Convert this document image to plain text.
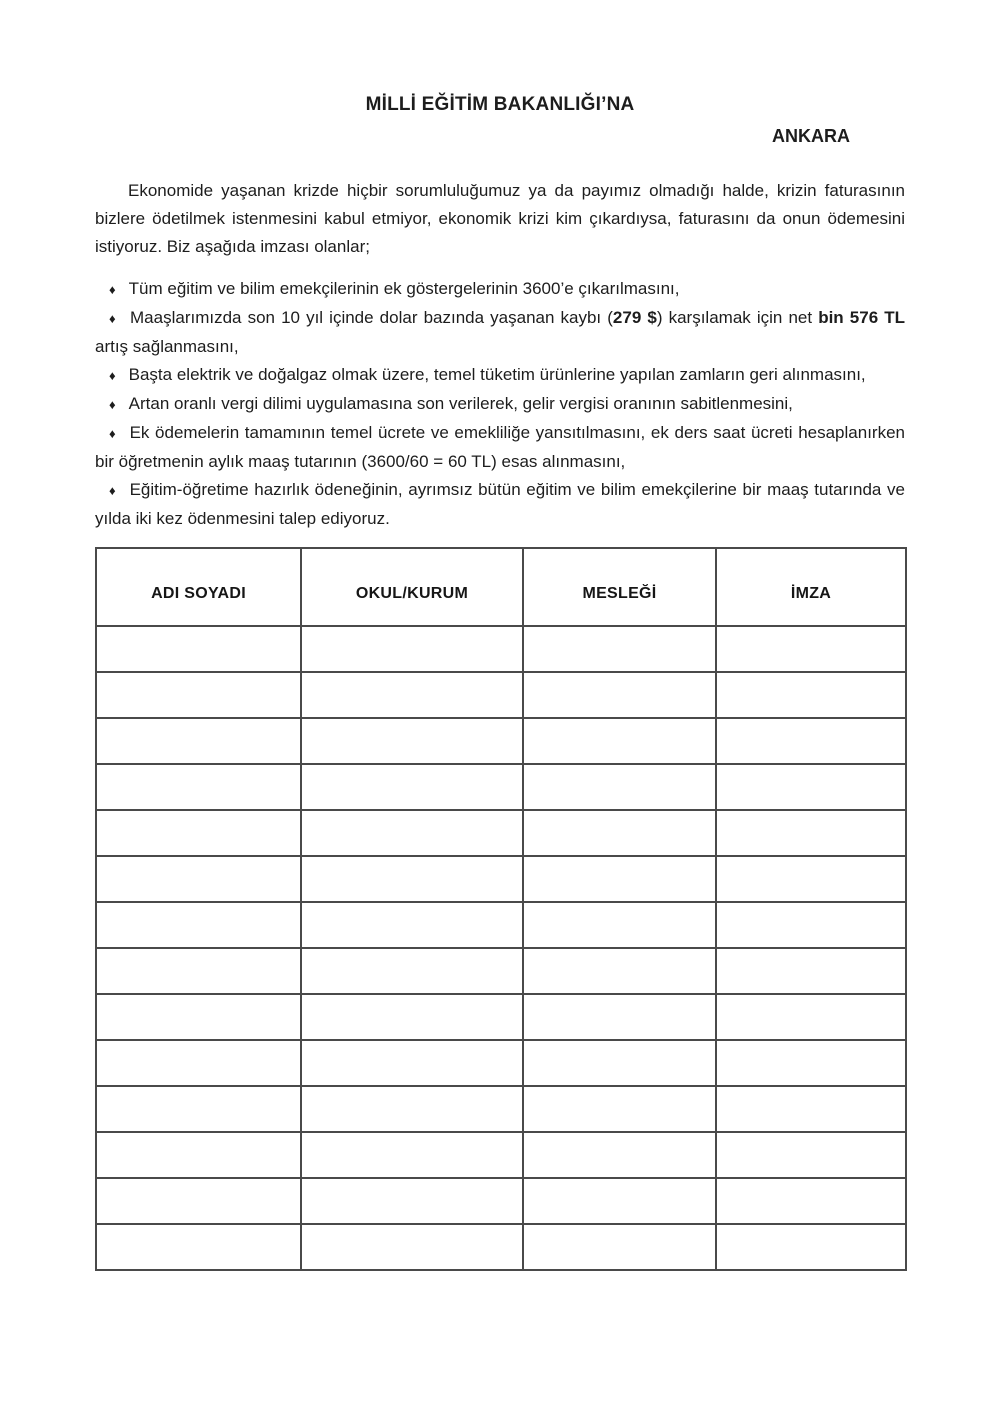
MİLLİ EĞİTİM BAKANLIĞI’NA
ANKARA

Ekonomide yaşanan krizde hiçbir sorumluluğumuz ya da payımız olmadığı halde, krizin faturasının bizlere ödetilmek istenmesini kabul etmiyor, ekonomik krizi kim çıkardıysa, faturasını da onun ödemesini istiyoruz. Biz aşağıda imzası olanlar;

♦ Tüm eğitim ve bilim emekçilerinin ek göstergelerinin 3600’e çıkarılmasını,

♦ Maaşlarımızda son 10 yıl içinde dolar bazında yaşanan kaybı (279 $) karşılamak için net bin 576 TL artış sağlanmasını,

♦ Başta elektrik ve doğalgaz olmak üzere, temel tüketim ürünlerine yapılan zamların geri alınmasını,

♦ Artan oranlı vergi dilimi uygulamasına son verilerek, gelir vergisi oranının sabitlenmesini,

♦ Ek ödemelerin tamamının temel ücrete ve emekliliğe yansıtılmasını, ek ders saat ücreti hesaplanırken bir öğretmenin aylık maaş tutarının (3600/60 = 60 TL) esas alınmasını,

♦ Eğitim-öğretime hazırlık ödeneğinin, ayrımsız bütün eğitim ve bilim emekçilerine bir maaş tutarında ve yılda iki kez ödenmesini talep ediyoruz.

ADI SOYADI	OKUL/KURUM	MESLEĞİ	İMZA
